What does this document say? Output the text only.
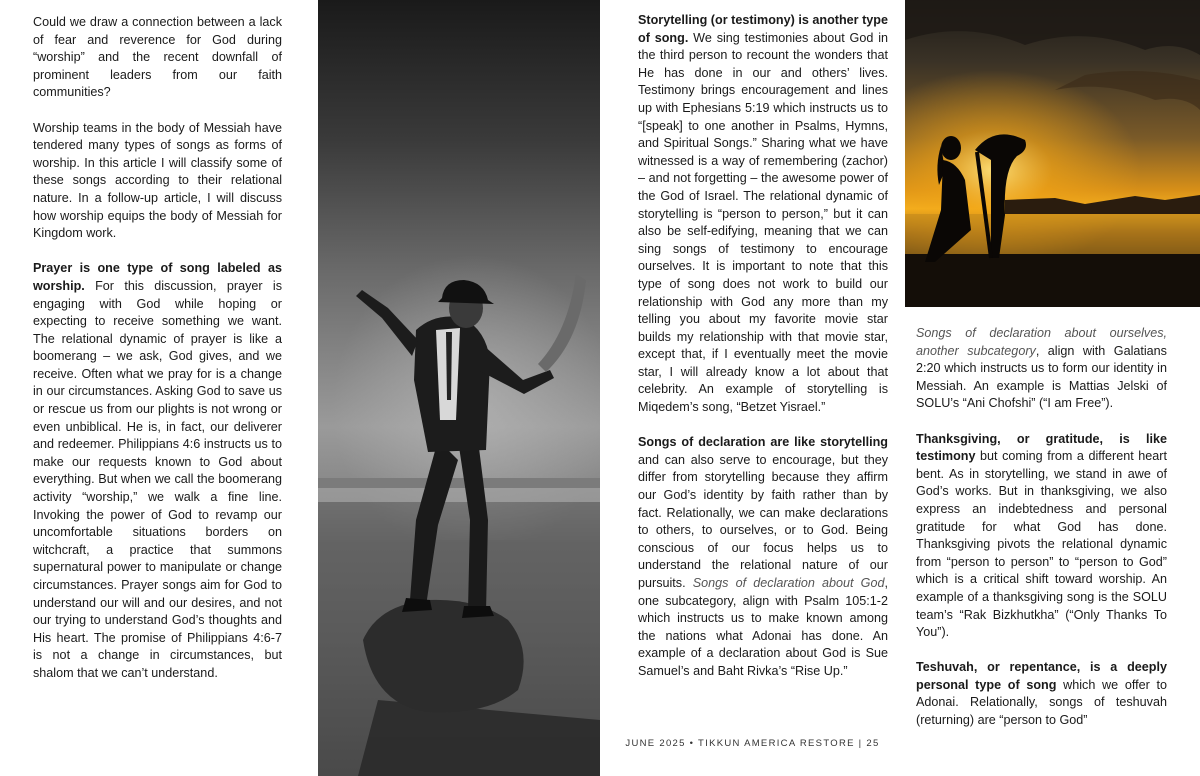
Could we draw a connection between a lack of fear and reverence for God during “worship” and the recent downfall of prominent leaders from our faith communities?

Worship teams in the body of Messiah have tendered many types of songs as forms of worship. In this article I will classify some of these songs according to their relational nature. In a follow-up article, I will discuss how worship equips the body of Messiah for Kingdom work.

Prayer is one type of song labeled as worship. For this discussion, prayer is engaging with God while hoping or expecting to receive something we want. The relational dynamic of prayer is like a boomerang – we ask, God gives, and we receive. Often what we pray for is a change in our circumstances. Asking God to save us or rescue us from our plights is not wrong or even unbiblical. He is, in fact, our deliverer and redeemer. Philippians 4:6 instructs us to make our requests known to God about everything. But when we call the boomerang activity “worship,” we walk a fine line. Invoking the power of God to revamp our uncomfortable situations borders on witchcraft, a practice that summons supernatural power to manipulate or change circumstances. Prayer songs aim for God to understand our will and our desires, and not our trying to understand God’s thoughts and His heart. The promise of Philippians 4:6-7 is not a change in circumstances, but shalom that we can’t understand.

Storytelling (or testimony) is another type of song. We sing testimonies about God in the third person to recount the wonders that He has done in our and others’ lives. Testimony brings encouragement and lines up with Ephesians 5:19 which instructs us to “[speak] to one another in Psalms, Hymns, and Spiritual Songs.” Sharing what we have witnessed is a way of remembering (zachor) – and not forgetting – the awesome power of the God of Israel. The relational dynamic of storytelling is “person to person,” but it can also be self-edifying, meaning that we can sing songs of testimony to encourage ourselves. It is important to note that this type of song does not work to build our relationship with God any more than my telling you about my favorite movie star builds my relationship with that movie star, except that, if I eventually meet the movie star, I will already know a lot about that celebrity. An example of storytelling is Miqedem’s song, “Betzet Yisrael.”

Songs of declaration are like storytelling and can also serve to encourage, but they differ from storytelling because they affirm our God’s identity by faith rather than by fact. Relationally, we can make declarations to others, to ourselves, or to God. Being conscious of our focus helps us to understand the relational nature of our pursuits. Songs of declaration about God, one subcategory, align with Psalm 105:1-2 which instructs us to make known among the nations what Adonai has done. An example of a declaration about God is Sue Samuel’s and Baht Rivka’s “Rise Up.”

Songs of declaration about ourselves, another subcategory, align with Galatians 2:20 which instructs us to form our identity in Messiah. An example is Mattias Jelski of SOLU’s “Ani Chofshi” (“I am Free”).

Thanksgiving, or gratitude, is like testimony but coming from a different heart bent. As in storytelling, we stand in awe of God’s works. But in thanksgiving, we also express an indebtedness and personal gratitude for what God has done. Thanksgiving pivots the relational dynamic from “person to person” to “person to God” which is a critical shift toward worship. An example of a thanksgiving song is the SOLU team’s “Rak Bizkhutkha” (“Only Thanks To You”).

Teshuvah, or repentance, is a deeply personal type of song which we offer to Adonai. Relationally, songs of teshuvah (returning) are “person to God”

JUNE 2025 • TIKKUN AMERICA RESTORE | 25
